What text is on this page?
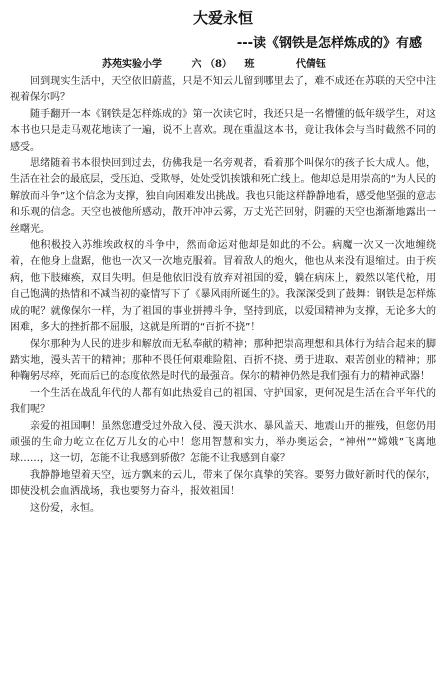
大爱永恒
---读《钢铁是怎样炼成的》有感
苏苑实验小学	六 （8） 班	代倩钰

回到现实生活中，天空依旧蔚蓝，只是不知云儿留到哪里去了，难不成还在苏联的天空中注视着保尔吗？

随手翻开一本《钢铁是怎样炼成的》第一次读它时，我还只是一名懵懂的低年级学生，对这本书也只是走马观花地读了一遍，说不上喜欢。现在重温这本书，竟让我体会与当时截然不同的感受。

思绪随着书本很快回到过去，仿佛我是一名旁观者，看着那个叫保尔的孩子长大成人。他，生活在社会的最底层，受压迫、受欺辱，处处受饥挨饿和死亡线上。他却总是用崇高的“为人民的解放而斗争”这个信念为支撑，独自向困难发出挑战。我也只能这样静静地看，感受他坚强的意志和乐观的信念。天空也被他所感动，散开冲冲云雾，万丈光芒回射，阴霾的天空也渐渐地露出一丝曙光。

他积极投入苏维埃政权的斗争中，然而命运对他却是如此的不公。病魔一次又一次地缠绕着，在他身上盘踞，他也一次又一次地克服着。冒着敌人的炮火，他也从来没有退缩过。由于疾病，他下肢瘫痪，双目失明。但是他依旧没有放弃对祖国的爱，躺在病床上，毅然以笔代枪，用自己饱满的热情和不减当初的豪情写下了《暴风雨所诞生的》。我深深受到了鼓舞：钢铁是怎样炼成的呢？就像保尔一样，为了祖国的事业拼搏斗争，坚持到底，以爱国精神为支撑，无论多大的困难，多大的挫折都不屈服，这就是所谓的“百折不挠”！

保尔那种为人民的进步和解放而无私奉献的精神；那种把崇高理想和具体行为结合起来的脚踏实地，漫头苦干的精神；那种不畏任何艰难险阻、百折不挠、勇于进取、艰苦创业的精神；那种鞠躬尽瘁，死而后已的态度依然是时代的最强音。保尔的精神仍然是我们强有力的精神武器！

一个生活在战乱年代的人都有如此热爱自己的祖国、守护国家，更何况是生活在合平年代的我们呢？

亲爱的祖国啊！虽然您遭受过外敌入侵、漫天洪水、暴风盖天、地震山开的摧残，但您仍用顽强的生命力屹立在亿万儿女的心中！您用智慧和实力，举办奥运会，“神州”“嫦娥”飞离地球……，这一切，怎能不让我感到骄傲？怎能不让我感到自豪？

我静静地望着天空，远方飘来的云儿，带来了保尔真挚的笑容。要努力做好新时代的保尔，即使没机会血洒战场，我也要努力奋斗，报效祖国！

这份爱，永恒。
